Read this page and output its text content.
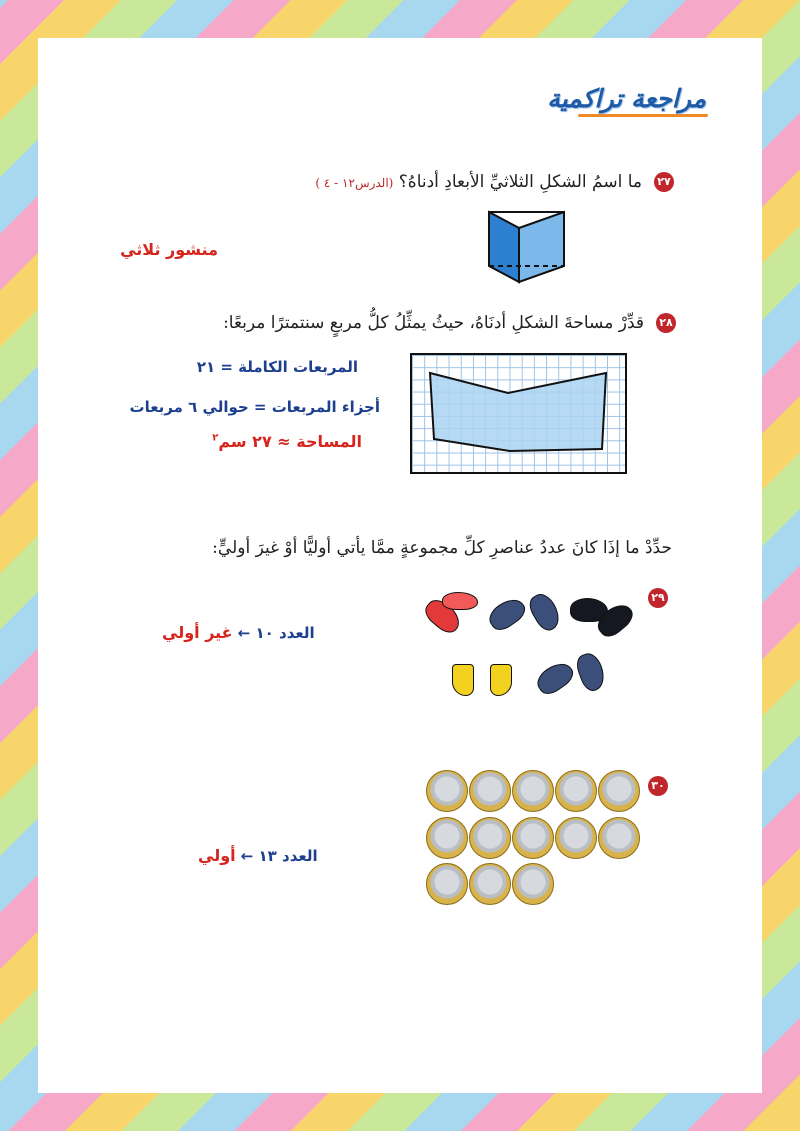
مراجعة تراكمية
٢٧
ما اسمُ الشكلِ الثلاثيِّ الأبعادِ أدناهُ؟ (الدرس١٢ - ٤ )
منشور ثلاثي
٢٨
قدِّرْ مساحةَ الشكلِ أدنَاهُ، حيثُ يمثِّلُ كلُّ مربعٍ سنتمترًا مربعًا:
المربعات الكاملة = ٢١
أجزاء المربعات = حوالي ٦ مربعات
المساحة ≈ ٢٧ سم$^٢$
حدِّدْ ما إذَا كانَ عددُ عناصرِ كلِّ مجموعةٍ ممَّا يأتي أوليًّا أوْ غيرَ أوليٍّ:
٢٩
العدد ١٠ ← غير أولي
٣٠
العدد ١٣ ← أولي
